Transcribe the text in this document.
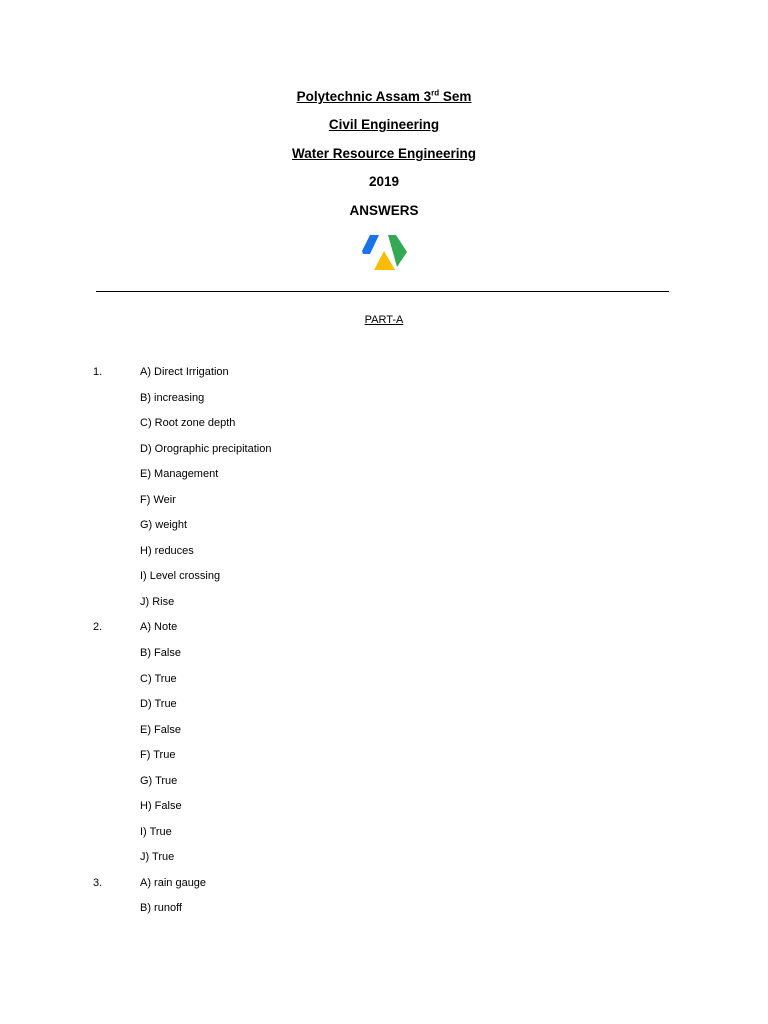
Polytechnic Assam 3rd Sem
Civil Engineering
Water Resource Engineering
2019
ANSWERS
PART-A
1.	A) Direct Irrigation
B) increasing
C) Root zone depth
D) Orographic precipitation
E) Management
F) Weir
G) weight
H) reduces
I) Level crossing
J) Rise
2.	A) Note
B) False
C) True
D) True
E) False
F) True
G) True
H) False
I) True
J) True
3.	A) rain gauge
B) runoff
